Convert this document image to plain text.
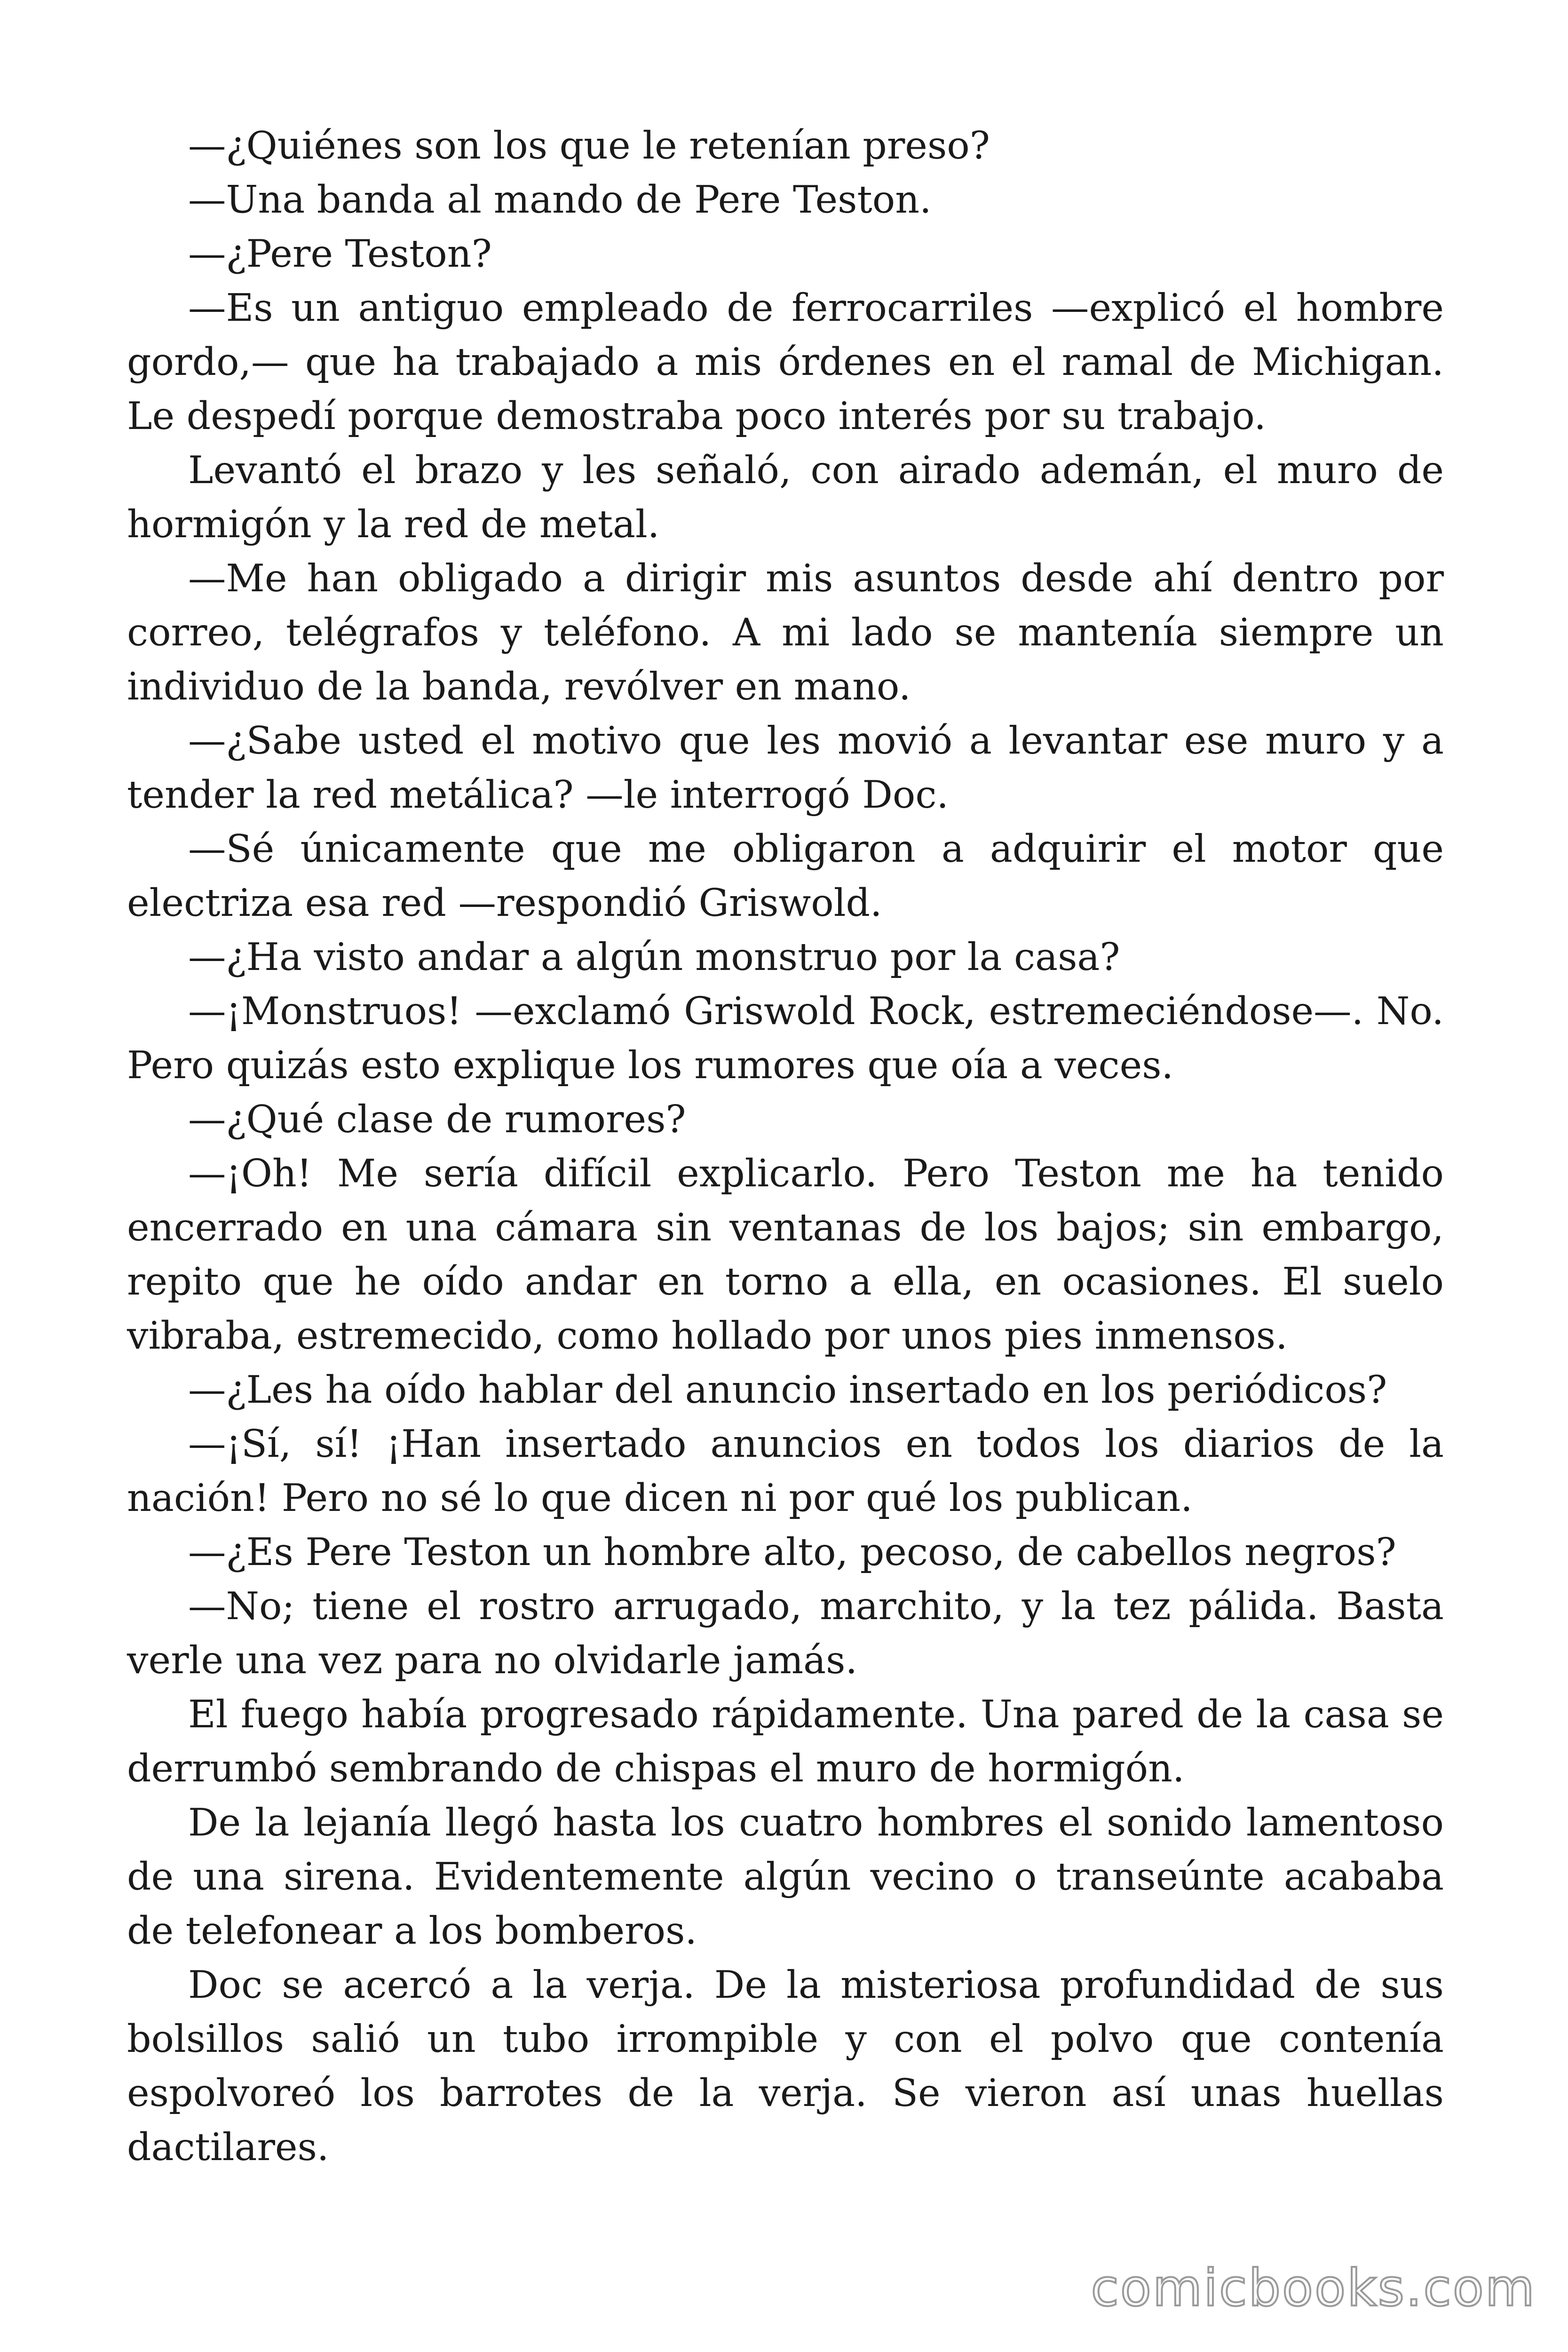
—¿Quiénes son los que le retenían preso?

—Una banda al mando de Pere Teston.

—¿Pere Teston?

—Es un antiguo empleado de ferrocarriles —explicó el hombre gordo,— que ha trabajado a mis órdenes en el ramal de Michigan. Le despedí porque demostraba poco interés por su trabajo.

Levantó el brazo y les señaló, con airado ademán, el muro de hormigón y la red de metal.

—Me han obligado a dirigir mis asuntos desde ahí dentro por correo, telégrafos y teléfono. A mi lado se mantenía siempre un individuo de la banda, revólver en mano.

—¿Sabe usted el motivo que les movió a levantar ese muro y a tender la red metálica? —le interrogó Doc.

—Sé únicamente que me obligaron a adquirir el motor que electriza esa red —respondió Griswold.

—¿Ha visto andar a algún monstruo por la casa?

—¡Monstruos! —exclamó Griswold Rock, estremeciéndose—. No. Pero quizás esto explique los rumores que oía a veces.

—¿Qué clase de rumores?

—¡Oh! Me sería difícil explicarlo. Pero Teston me ha tenido encerrado en una cámara sin ventanas de los bajos; sin embargo, repito que he oído andar en torno a ella, en ocasiones. El suelo vibraba, estremecido, como hollado por unos pies inmensos.

—¿Les ha oído hablar del anuncio insertado en los periódicos?

—¡Sí, sí! ¡Han insertado anuncios en todos los diarios de la nación! Pero no sé lo que dicen ni por qué los publican.

—¿Es Pere Teston un hombre alto, pecoso, de cabellos negros?

—No; tiene el rostro arrugado, marchito, y la tez pálida. Basta verle una vez para no olvidarle jamás.

El fuego había progresado rápidamente. Una pared de la casa se derrumbó sembrando de chispas el muro de hormigón.

De la lejanía llegó hasta los cuatro hombres el sonido lamentoso de una sirena. Evidentemente algún vecino o transeúnte acababa de telefonear a los bomberos.

Doc se acercó a la verja. De la misteriosa profundidad de sus bolsillos salió un tubo irrompible y con el polvo que contenía espolvoreó los barrotes de la verja. Se vieron así unas huellas dactilares.

comicbooks.com
